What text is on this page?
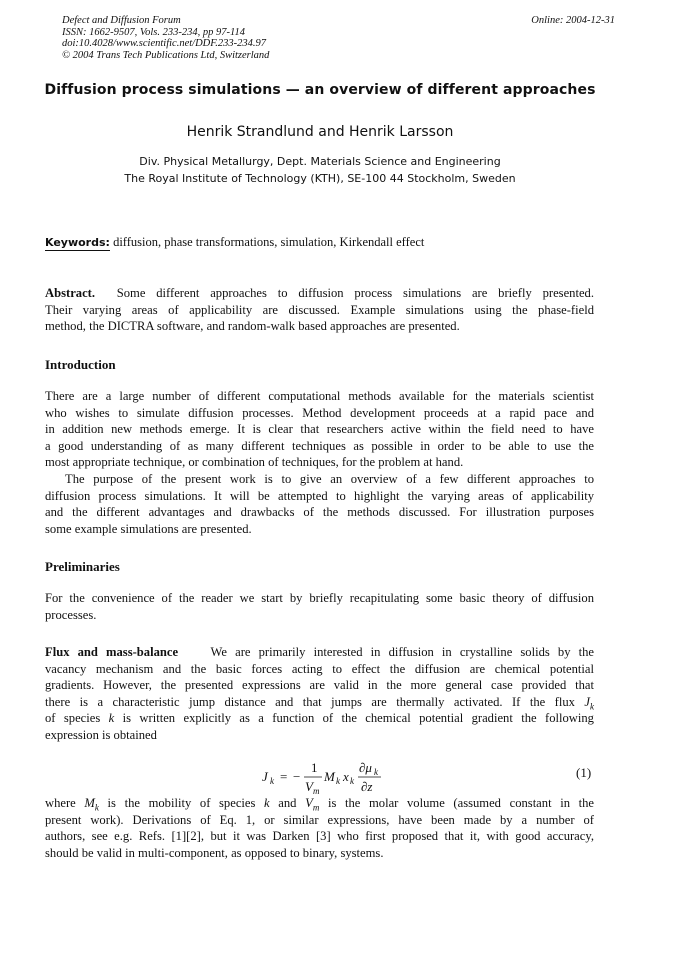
Defect and Diffusion Forum
ISSN: 1662-9507, Vols. 233-234, pp 97-114
doi:10.4028/www.scientific.net/DDF.233-234.97
© 2004 Trans Tech Publications Ltd, Switzerland
Online: 2004-12-31
Diffusion process simulations — an overview of different approaches
Henrik Strandlund and Henrik Larsson
Div. Physical Metallurgy, Dept. Materials Science and Engineering
The Royal Institute of Technology (KTH), SE-100 44 Stockholm, Sweden
Keywords: diffusion, phase transformations, simulation, Kirkendall effect
Abstract. Some different approaches to diffusion process simulations are briefly presented.
Their varying areas of applicability are discussed. Example simulations using the phase-field
method, the DICTRA software, and random-walk based approaches are presented.
Introduction
There are a large number of different computational methods available for the materials scientist
who wishes to simulate diffusion processes. Method development proceeds at a rapid pace and
in addition new methods emerge. It is clear that researchers active within the field need to have
a good understanding of as many different techniques as possible in order to be able to use the
most appropriate technique, or combination of techniques, for the problem at hand.
The purpose of the present work is to give an overview of a few different approaches to
diffusion process simulations. It will be attempted to highlight the varying areas of applicability
and the different advantages and drawbacks of the methods discussed. For illustration purposes
some example simulations are presented.
Preliminaries
For the convenience of the reader we start by briefly recapitulating some basic theory of diffusion
processes.
Flux and mass-balance	We are primarily interested in diffusion in crystalline solids by the
vacancy mechanism and the basic forces acting to effect the diffusion are chemical potential
gradients. However, the presented expressions are valid in the more general case provided that
there is a characteristic jump distance and that jumps are thermally activated. If the flux $J_k$
of species k is written explicitly as a function of the chemical potential gradient the following
expression is obtained
J k = −
1
V m
M k x k
∂μ k
∂z
(1)
where $M_k$ is the mobility of species k and $V_m$ is the molar volume (assumed constant in the
present work). Derivations of Eq. 1, or similar expressions, have been made by a number of
authors, see e.g. Refs. [1][2], but it was Darken [3] who first proposed that it, with good accuracy,
should be valid in multi-component, as opposed to binary, systems.
